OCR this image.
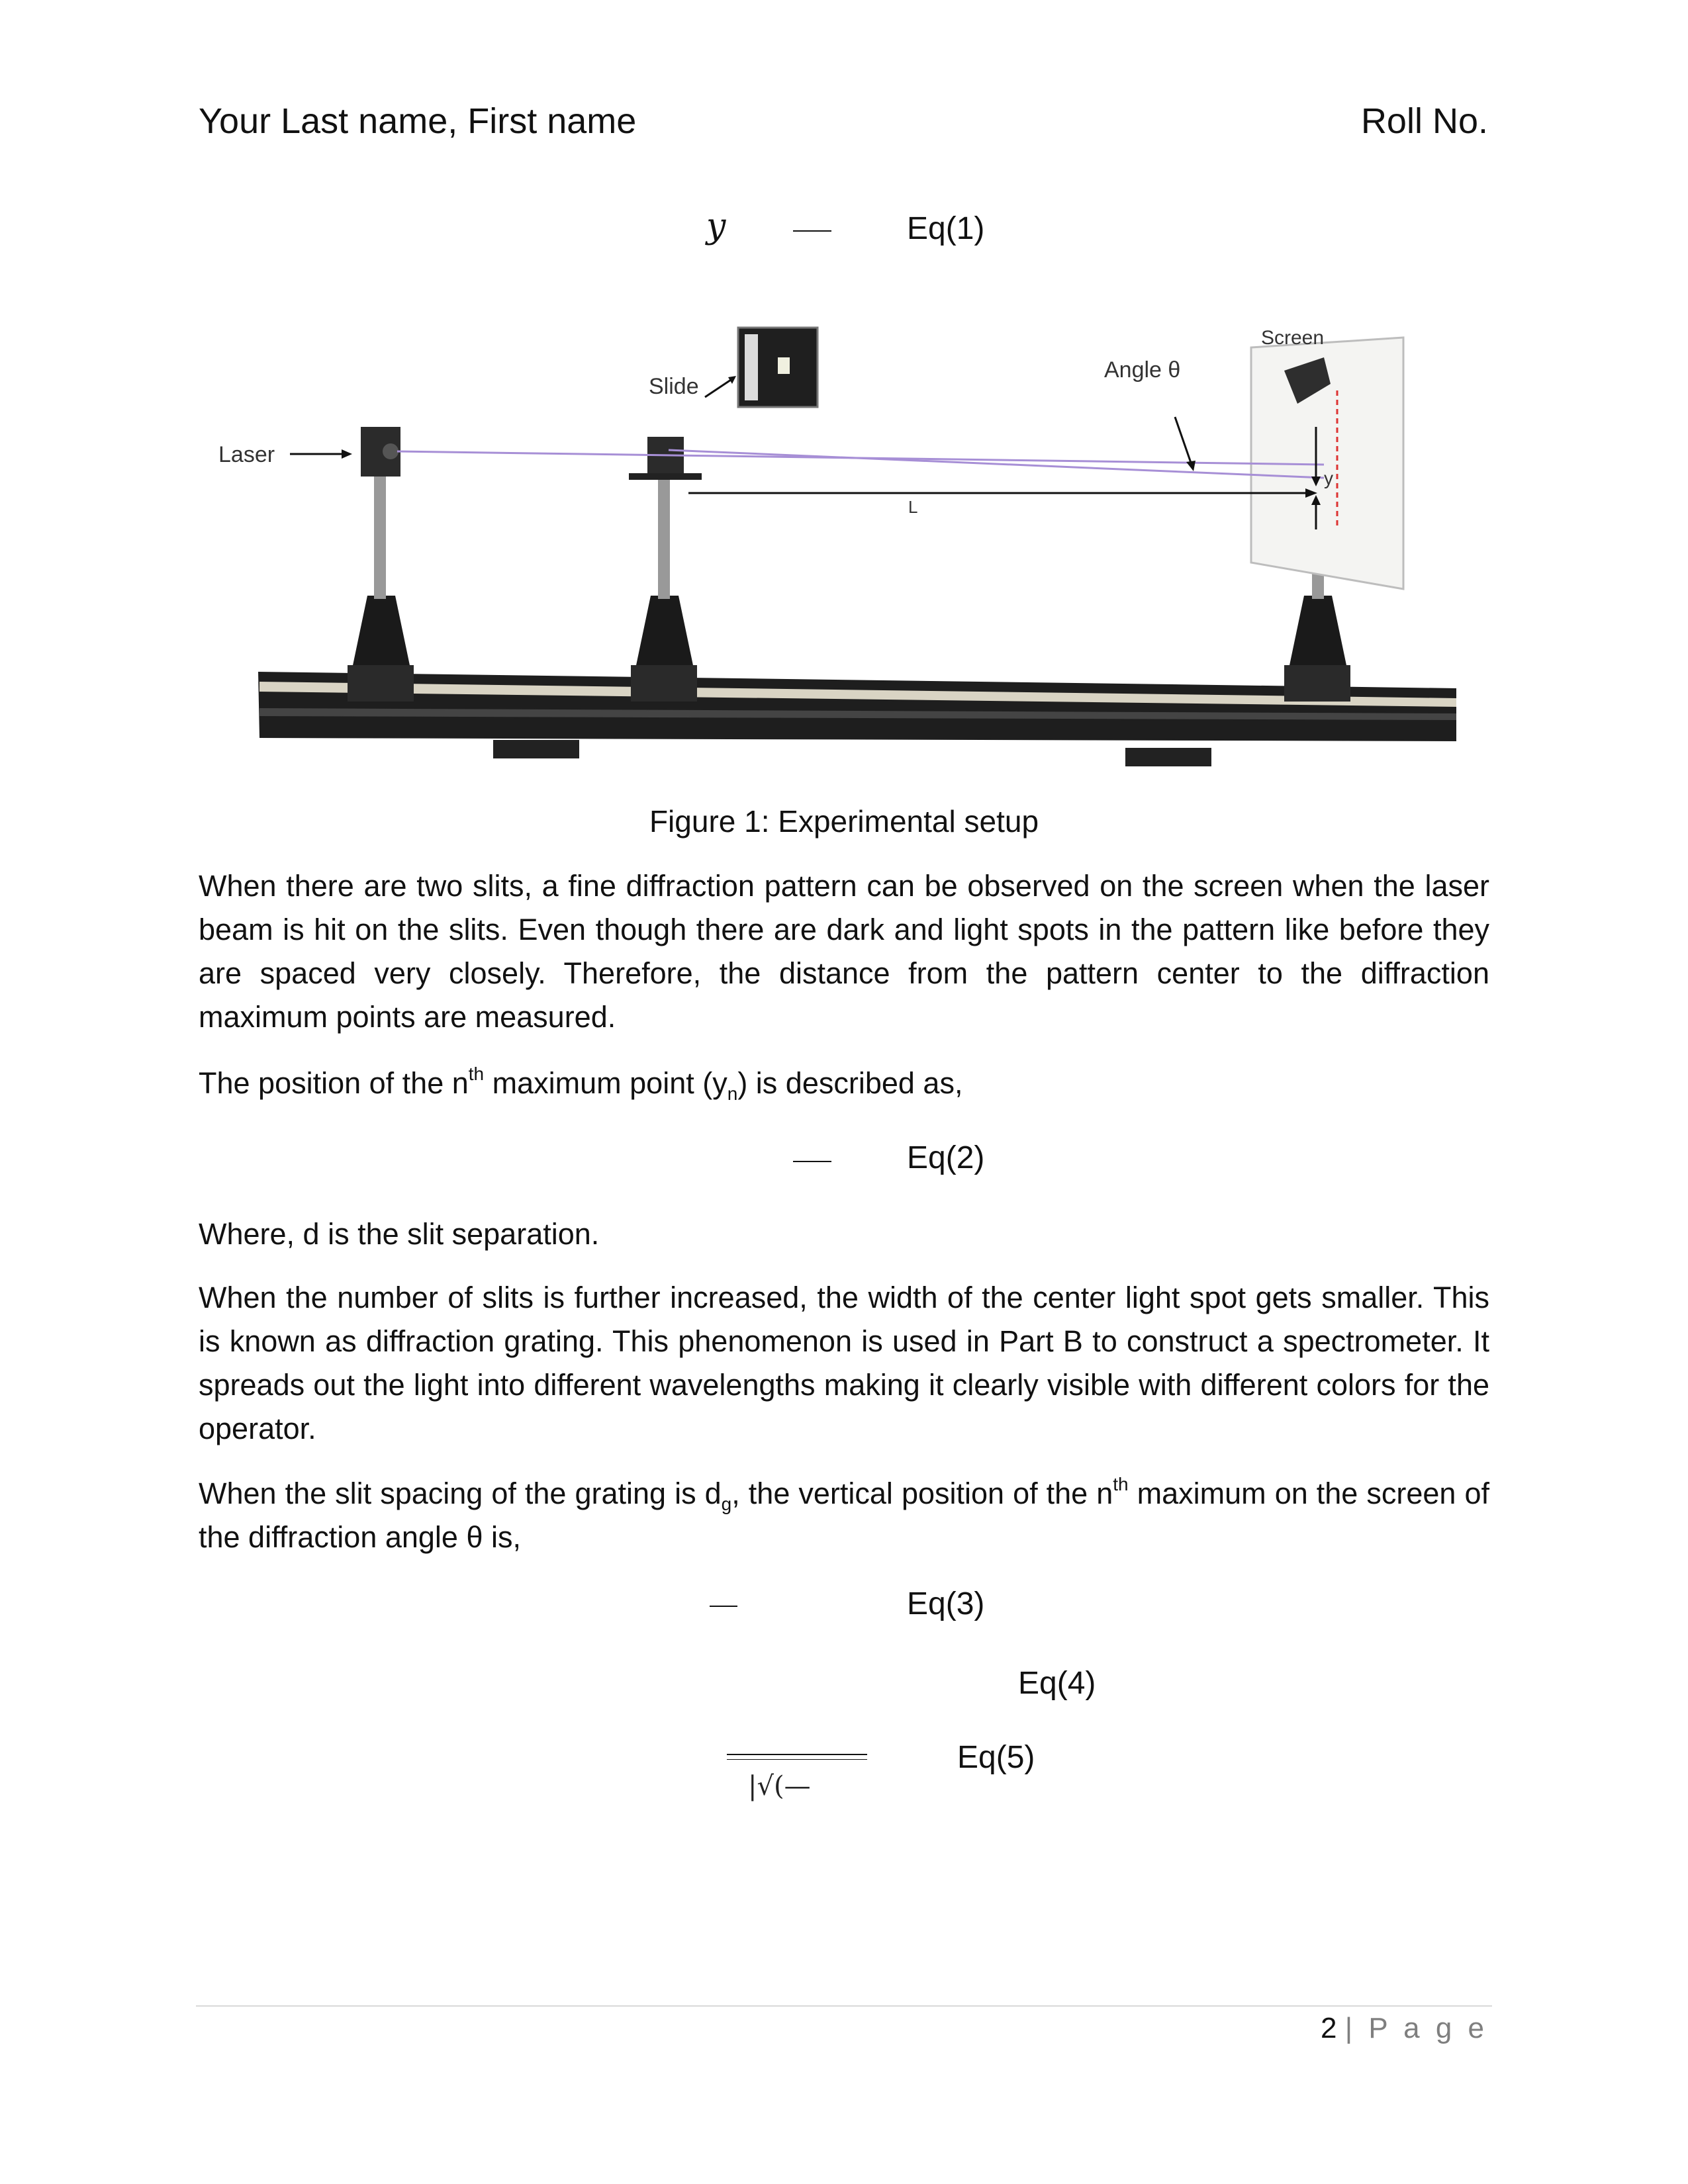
Your Last name, First name	Roll No.
y	Eq(1)
Laser
Slide
Angle θ
Screen
L
y
Figure 1: Experimental setup
When there are two slits, a fine diffraction pattern can be observed on the screen when the laser beam is hit on the slits. Even though there are dark and light spots in the pattern like before they are spaced very closely. Therefore, the distance from the pattern center to the diffraction maximum points are measured.
The position of the $n^{th}$ maximum point $(y_n)$ is described as,
Eq(2)
Where, d is the slit separation.
When the number of slits is further increased, the width of the center light spot gets smaller. This is known as diffraction grating. This phenomenon is used in Part B to construct a spectrometer. It spreads out the light into different wavelengths making it clearly visible with different colors for the operator.
When the slit spacing of the grating is $d_g$, the vertical position of the $n^{th}$ maximum on the screen of the diffraction angle θ is,
Eq(3)
Eq(4)
|√(—
Eq(5)
2 | P a g e
